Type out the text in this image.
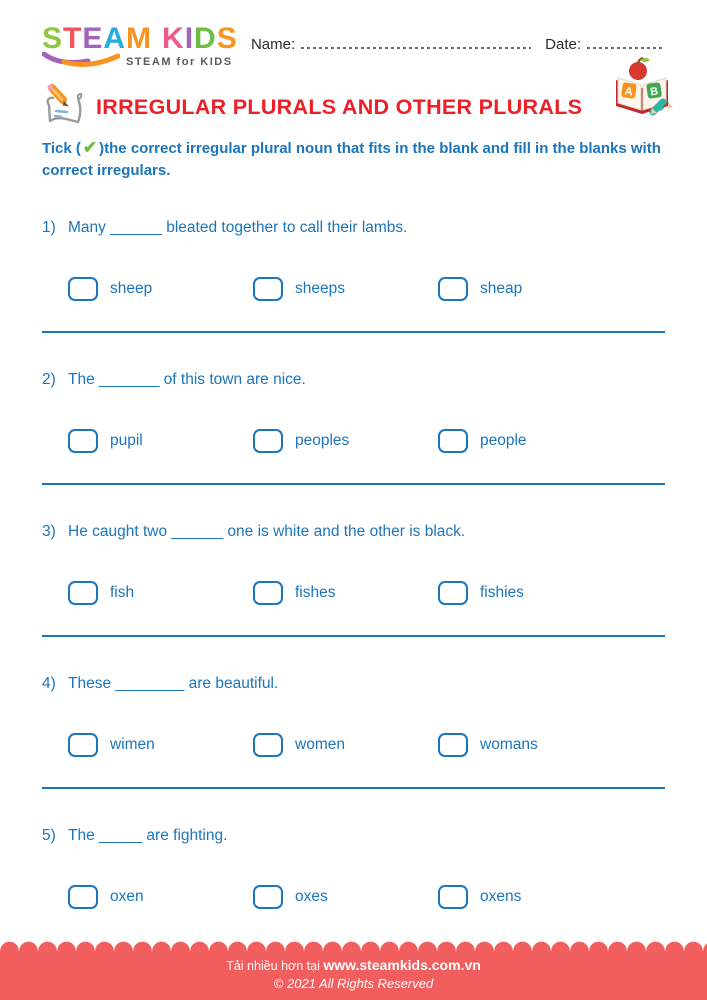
STEAM KIDS
STEAM for KIDS
Name:	Date:
IRREGULAR PLURALS AND OTHER PLURALS
A B
Tick ( ✔ )the correct irregular plural noun that fits in the blank and fill in the blanks with correct irregulars.
1) Many ______ bleated together to call their lambs.
sheep	sheeps	sheap
2) The _______ of this town are nice.
pupil	peoples	people
3) He caught two ______ one is white and the other is black.
fish	fishes	fishies
4) These ________ are beautiful.
wimen	women	womans
5) The _____ are fighting.
oxen	oxes	oxens
Tải nhiều hơn tại www.steamkids.com.vn
© 2021 All Rights Reserved
